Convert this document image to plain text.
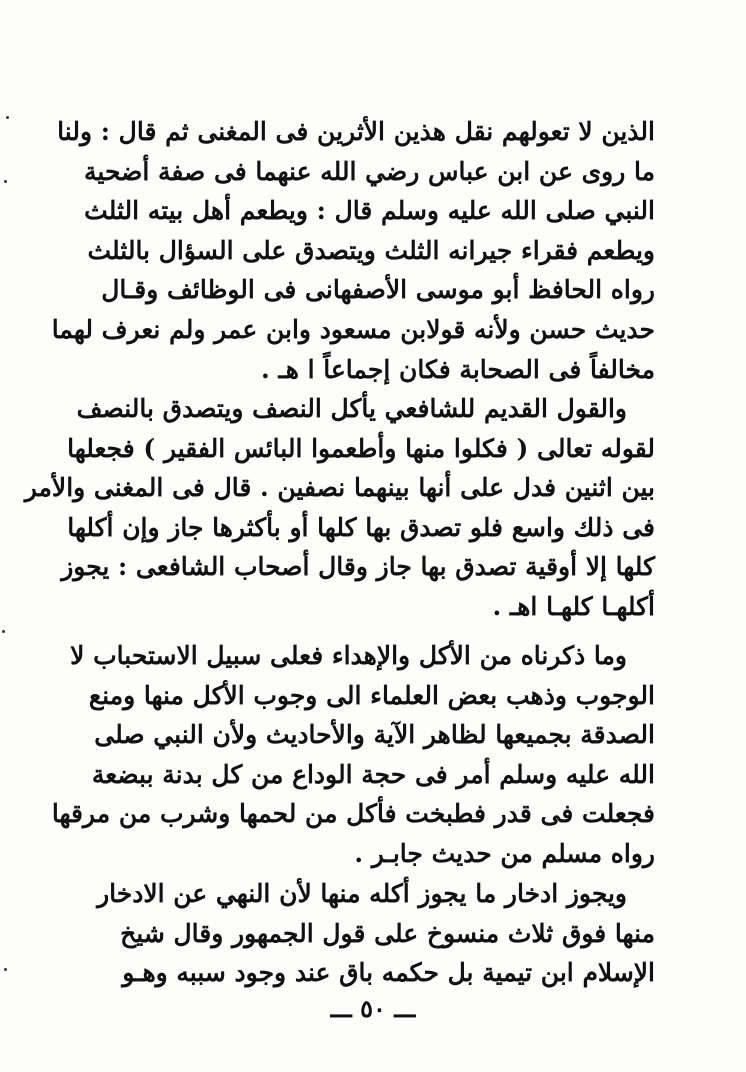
الذين لا تعولهم نقل هذين الأثرين فى المغنى ثم قال : ولنا
ما روى عن ابن عباس رضي الله عنهما فى صفة أضحية
النبي صلى الله عليه وسلم قال : ويطعم أهل بيته الثلث
ويطعم فقراء جيرانه الثلث ويتصدق على السؤال بالثلث
رواه الحافظ أبو موسى الأصفهانى فى الوظائف وقـال
حديث حسن ولأنه قولابن مسعود وابن عمر ولم نعرف لهما
مخالفاً فى الصحابة فكان إجماعاً ا هـ .
والقول القديم للشافعي يأكل النصف ويتصدق بالنصف
لقوله تعالى ( فكلوا منها وأطعموا البائس الفقير ) فجعلها
بين اثنين فدل على أنها بينهما نصفين . قال فى المغنى والأمر
فى ذلك واسع فلو تصدق بها كلها أو بأكثرها جاز وإن أكلها
كلها إلا أوقية تصدق بها جاز وقال أصحاب الشافعى : يجوز
أكلهـا كلهـا اهـ .
وما ذكرناه من الأكل والإهداء فعلى سبيل الاستحباب لا
الوجوب وذهب بعض العلماء الى وجوب الأكل منها ومنع
الصدقة بجميعها لظاهر الآية والأحاديث ولأن النبي صلى
الله عليه وسلم أمر فى حجة الوداع من كل بدنة ببضعة
فجعلت فى قدر فطبخت فأكل من لحمها وشرب من مرقها
رواه مسلم من حديث جابـر .
ويجوز ادخار ما يجوز أكله منها لأن النهي عن الادخار
منها فوق ثلاث منسوخ على قول الجمهور وقال شيخ
الإسلام ابن تيمية بل حكمه باق عند وجود سببه وهـو
ـــ ٥٠ ـــ
